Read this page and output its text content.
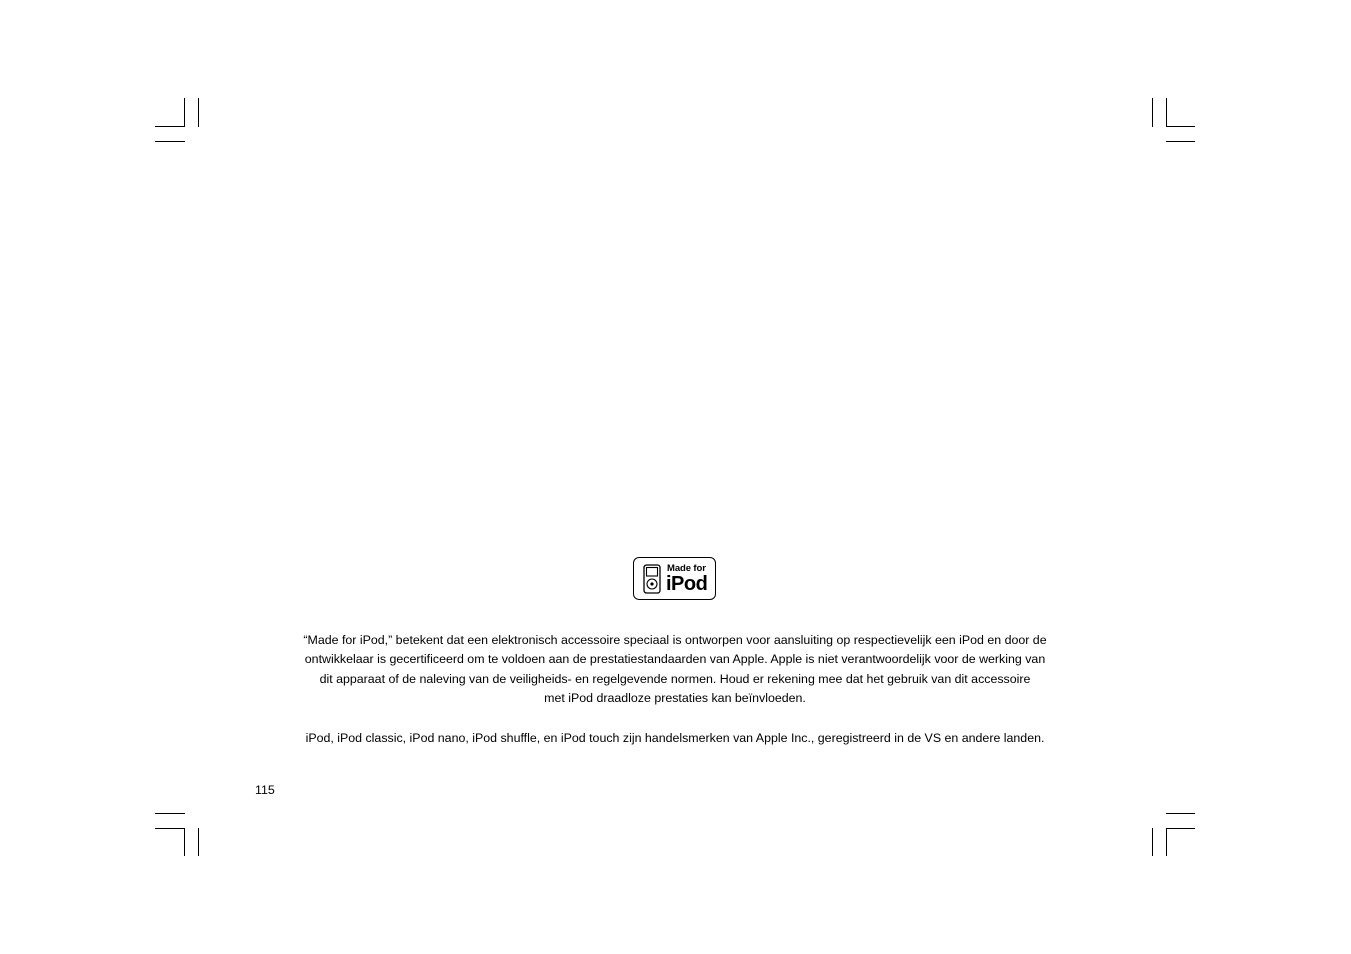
Made for
iPod

“Made for iPod,” betekent dat een elektronisch accessoire speciaal is ontworpen voor aansluiting op respectievelijk een iPod en door de
ontwikkelaar is gecertificeerd om te voldoen aan de prestatiestandaarden van Apple. Apple is niet verantwoordelijk voor de werking van
dit apparaat of de naleving van de veiligheids- en regelgevende normen. Houd er rekening mee dat het gebruik van dit accessoire
met iPod draadloze prestaties kan beïnvloeden.

iPod, iPod classic, iPod nano, iPod shuffle, en iPod touch zijn handelsmerken van Apple Inc., geregistreerd in de VS en andere landen.

115
